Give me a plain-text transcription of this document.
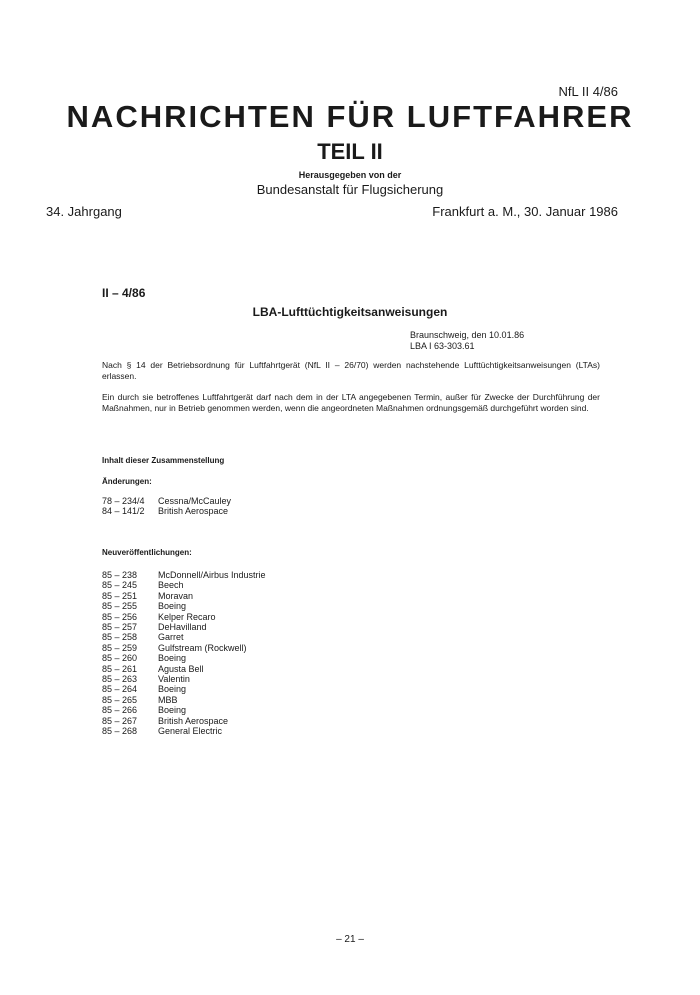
NfL II 4/86
NACHRICHTEN FÜR LUFTFAHRER
TEIL II
Herausgegeben von der
Bundesanstalt für Flugsicherung
34. Jahrgang	Frankfurt a. M., 30. Januar 1986
II – 4/86
LBA-Lufttüchtigkeitsanweisungen
Braunschweig, den 10.01.86
LBA I 63-303.61
Nach § 14 der Betriebsordnung für Luftfahrtgerät (NfL II – 26/70) werden nachstehende Lufttüchtigkeitsanweisungen (LTAs) erlassen.
Ein durch sie betroffenes Luftfahrtgerät darf nach dem in der LTA angegebenen Termin, außer für Zwecke der Durchführung der Maßnahmen, nur in Betrieb genommen werden, wenn die angeordneten Maßnahmen ordnungsgemäß durchgeführt worden sind.
Inhalt dieser Zusammenstellung
Änderungen:
78 – 234/4	Cessna/McCauley
84 – 141/2	British Aerospace
Neuveröffentlichungen:
85 – 238	McDonnell/Airbus Industrie
85 – 245	Beech
85 – 251	Moravan
85 – 255	Boeing
85 – 256	Kelper Recaro
85 – 257	DeHavilland
85 – 258	Garret
85 – 259	Gulfstream (Rockwell)
85 – 260	Boeing
85 – 261	Agusta Bell
85 – 263	Valentin
85 – 264	Boeing
85 – 265	MBB
85 – 266	Boeing
85 – 267	British Aerospace
85 – 268	General Electric
– 21 –
